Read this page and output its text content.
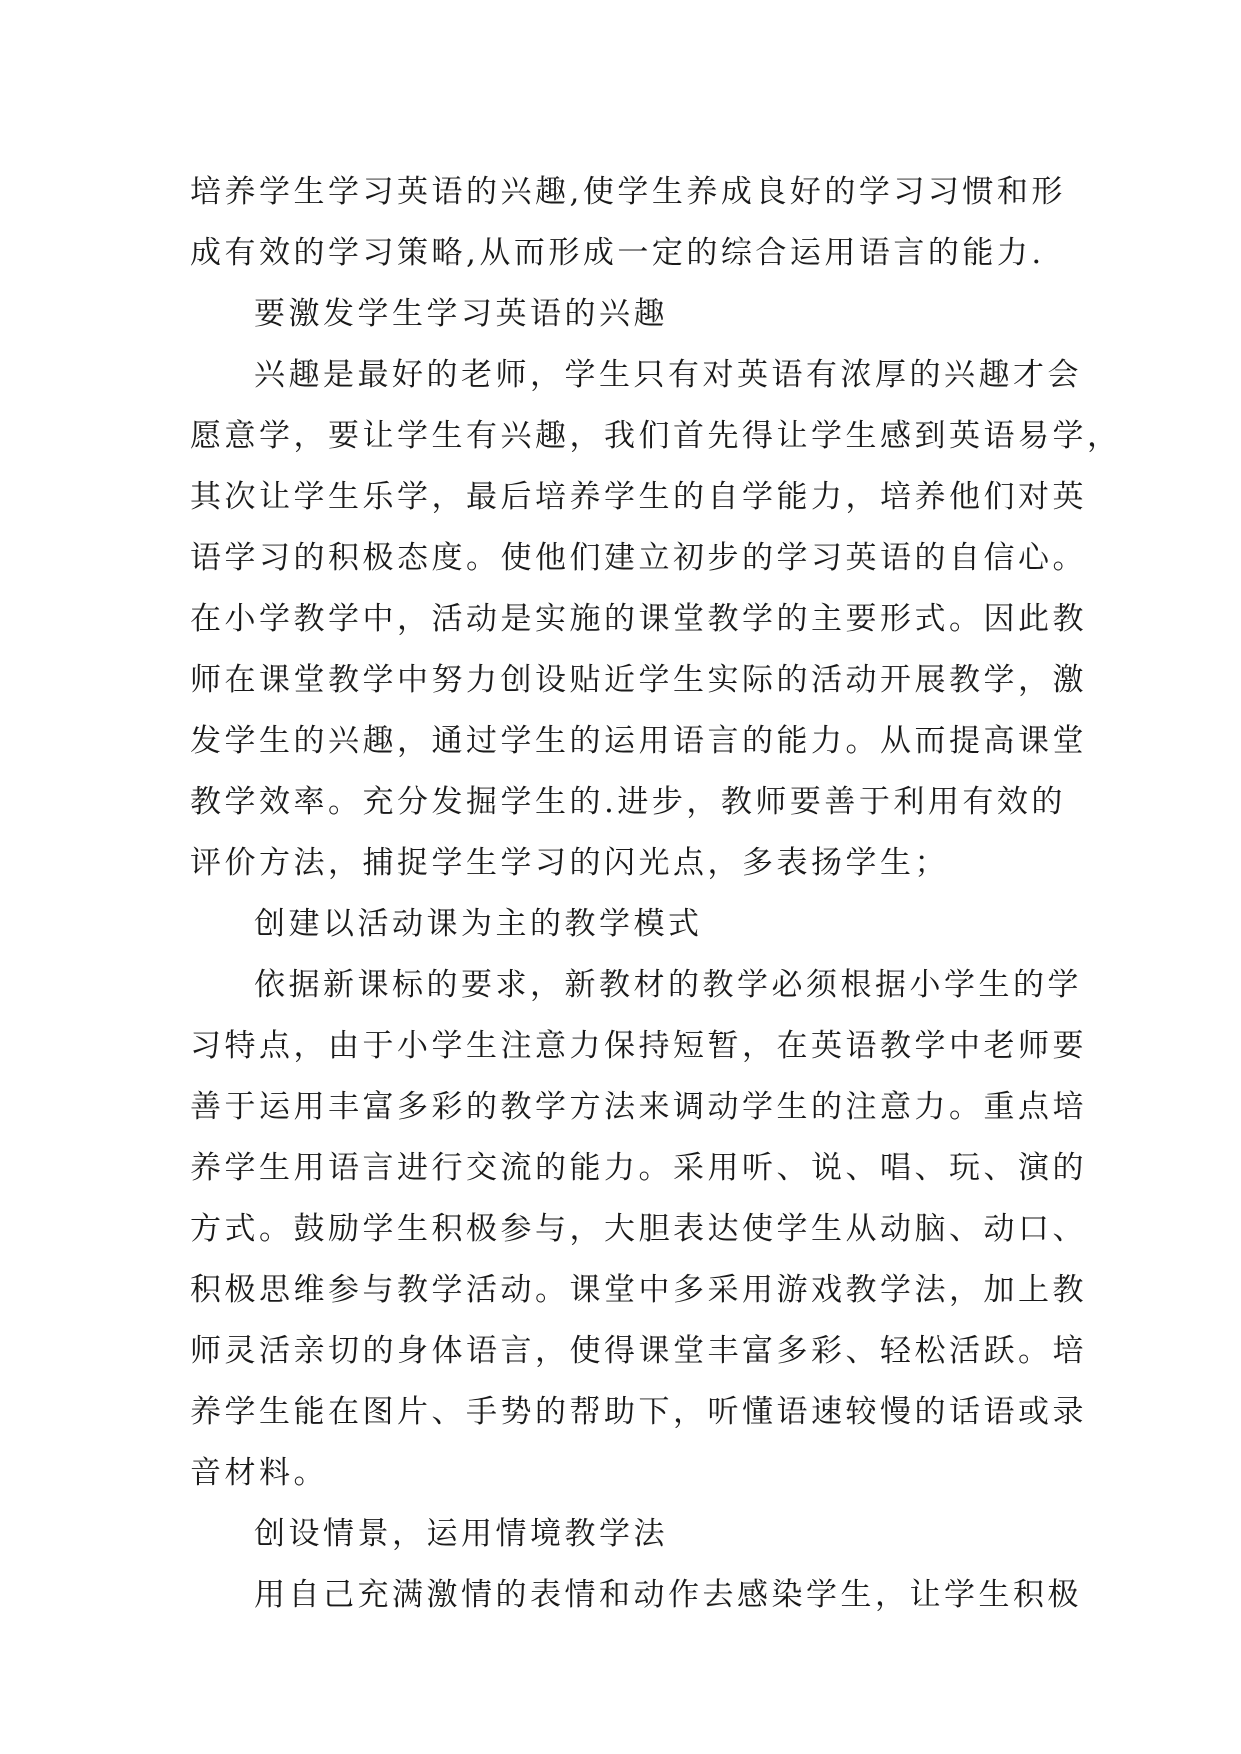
培养学生学习英语的兴趣,使学生养成良好的学习习惯和形
成有效的学习策略,从而形成一定的综合运用语言的能力.
要激发学生学习英语的兴趣
兴趣是最好的老师，学生只有对英语有浓厚的兴趣才会
愿意学，要让学生有兴趣，我们首先得让学生感到英语易学，
其次让学生乐学，最后培养学生的自学能力，培养他们对英
语学习的积极态度。使他们建立初步的学习英语的自信心。
在小学教学中，活动是实施的课堂教学的主要形式。因此教
师在课堂教学中努力创设贴近学生实际的活动开展教学，激
发学生的兴趣，通过学生的运用语言的能力。从而提高课堂
教学效率。充分发掘学生的.进步，教师要善于利用有效的
评价方法，捕捉学生学习的闪光点，多表扬学生；
创建以活动课为主的教学模式
依据新课标的要求，新教材的教学必须根据小学生的学
习特点，由于小学生注意力保持短暂，在英语教学中老师要
善于运用丰富多彩的教学方法来调动学生的注意力。重点培
养学生用语言进行交流的能力。采用听、说、唱、玩、演的
方式。鼓励学生积极参与，大胆表达使学生从动脑、动口、
积极思维参与教学活动。课堂中多采用游戏教学法，加上教
师灵活亲切的身体语言，使得课堂丰富多彩、轻松活跃。培
养学生能在图片、手势的帮助下，听懂语速较慢的话语或录
音材料。
创设情景，运用情境教学法
用自己充满激情的表情和动作去感染学生，让学生积极
